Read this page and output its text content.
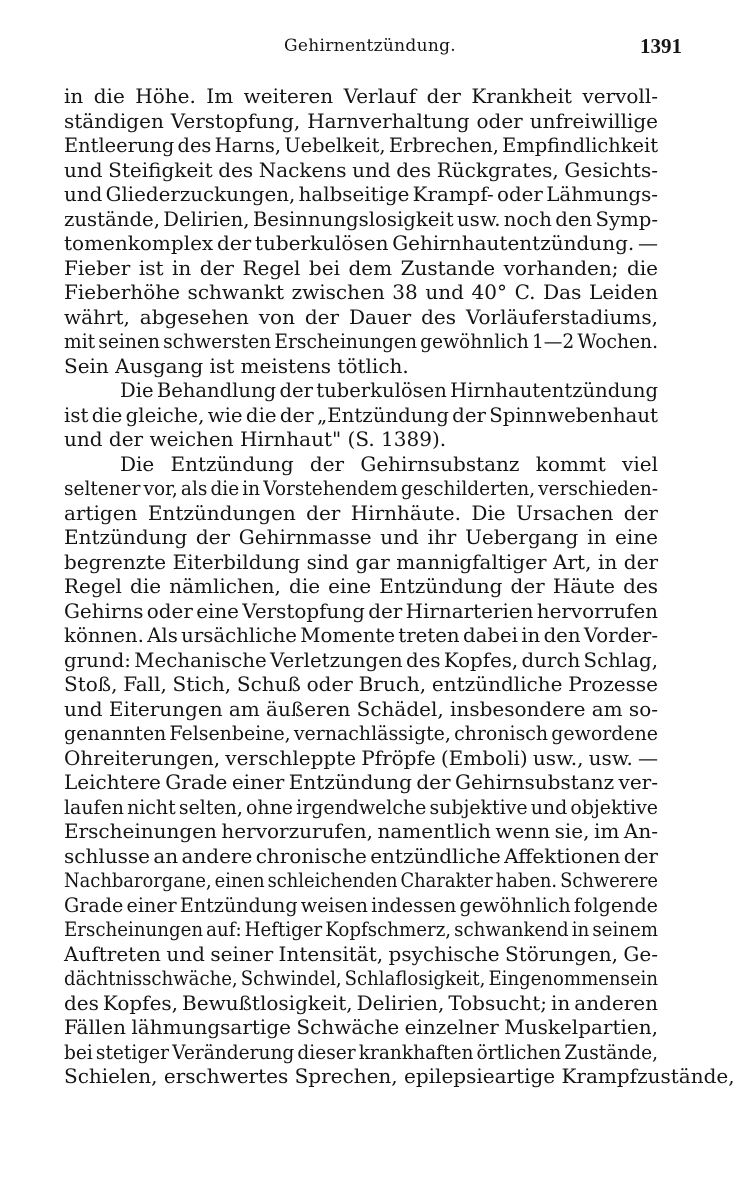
Gehirnentzündung.	1391
in die Höhe. Im weiteren Verlauf der Krankheit vervoll-
ständigen Verstopfung, Harnverhaltung oder unfreiwillige
Entleerung des Harns, Uebelkeit, Erbrechen, Empfindlichkeit
und Steifigkeit des Nackens und des Rückgrates, Gesichts-
und Gliederzuckungen, halbseitige Krampf- oder Lähmungs-
zustände, Delirien, Besinnungslosigkeit usw. noch den Symp-
tomenkomplex der tuberkulösen Gehirnhautentzündung. —
Fieber ist in der Regel bei dem Zustande vorhanden; die
Fieberhöhe schwankt zwischen 38 und 40° C. Das Leiden
währt, abgesehen von der Dauer des Vorläuferstadiums,
mit seinen schwersten Erscheinungen gewöhnlich 1—2 Wochen.
Sein Ausgang ist meistens tötlich.
Die Behandlung der tuberkulösen Hirnhautentzündung
ist die gleiche, wie die der „Entzündung der Spinnwebenhaut
und der weichen Hirnhaut" (S. 1389).
Die Entzündung der Gehirnsubstanz kommt viel
seltener vor, als die in Vorstehendem geschilderten, verschieden-
artigen Entzündungen der Hirnhäute. Die Ursachen der
Entzündung der Gehirnmasse und ihr Uebergang in eine
begrenzte Eiterbildung sind gar mannigfaltiger Art, in der
Regel die nämlichen, die eine Entzündung der Häute des
Gehirns oder eine Verstopfung der Hirnarterien hervorrufen
können. Als ursächliche Momente treten dabei in den Vorder-
grund: Mechanische Verletzungen des Kopfes, durch Schlag,
Stoß, Fall, Stich, Schuß oder Bruch, entzündliche Prozesse
und Eiterungen am äußeren Schädel, insbesondere am so-
genannten Felsenbeine, vernachlässigte, chronisch gewordene
Ohreiterungen, verschleppte Pfröpfe (Emboli) usw., usw. —
Leichtere Grade einer Entzündung der Gehirnsubstanz ver-
laufen nicht selten, ohne irgendwelche subjektive und objektive
Erscheinungen hervorzurufen, namentlich wenn sie, im An-
schlusse an andere chronische entzündliche Affektionen der
Nachbarorgane, einen schleichenden Charakter haben. Schwerere
Grade einer Entzündung weisen indessen gewöhnlich folgende
Erscheinungen auf: Heftiger Kopfschmerz, schwankend in seinem
Auftreten und seiner Intensität, psychische Störungen, Ge-
dächtnisschwäche, Schwindel, Schlaflosigkeit, Eingenommensein
des Kopfes, Bewußtlosigkeit, Delirien, Tobsucht; in anderen
Fällen lähmungsartige Schwäche einzelner Muskelpartien,
bei stetiger Veränderung dieser krankhaften örtlichen Zustände,
Schielen, erschwertes Sprechen, epilepsieartige Krampfzustände,
